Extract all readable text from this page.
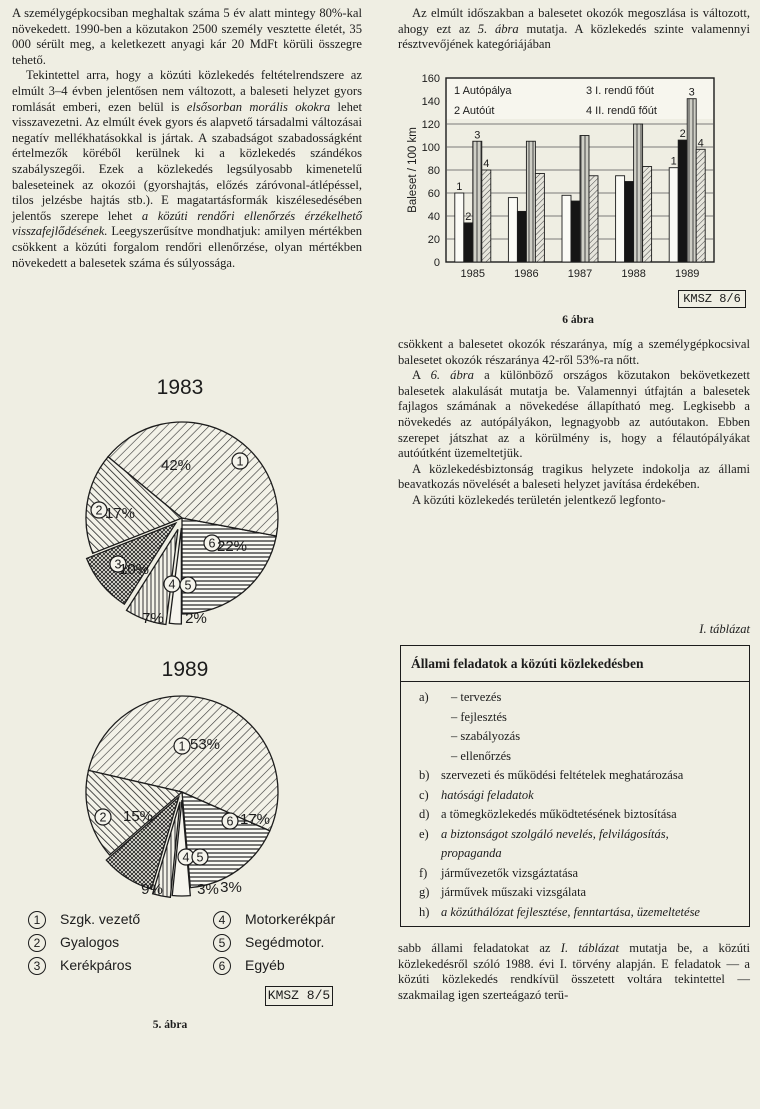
A személygépkocsiban meghaltak száma 5 év alatt mintegy 80%-kal növekedett. 1990-ben a közutakon 2500 személy vesztette életét, 35 000 sérült meg, a keletkezett anyagi kár 20 MdFt körüli összegre tehető.

Tekintettel arra, hogy a közúti közlekedés feltételrendszere az elmúlt 3–4 évben jelentősen nem változott, a baleseti helyzet gyors romlását emberi, ezen belül is elsősorban morális okokra lehet visszavezetni. Az elmúlt évek gyors és alapvető társadalmi változásai negatív mellékhatásokkal is jártak. A szabadságot szabadosságként értelmezők köréből kerülnek ki a közlekedés szándékos szabályszegői. Ezek a közlekedés legsúlyosabb kimenetelű baleseteinek az okozói (gyorshajtás, előzés záróvonal-átlépéssel, tilos jelzésbe hajtás stb.). E magatartásformák kiszélesedésében jelentős szerepe lehet a közúti rendőri ellenőrzés érzékelhető visszafejlődésének. Leegyszerűsítve mondhatjuk: amilyen mértékben csökkent a közúti forgalom rendőri ellenőrzése, olyan mértékben növekedett a balesetek száma és súlyossága.

1983
1
2
3
4 5
6
1989
1
2
4 5
6
1 Szgk. vezető
2 Gyalogos
3 Kerékpáros
4 Motorkerékpár
5 Segédmotor.
6 Egyéb
KMSZ 8/5
5. ábra

Az elmúlt időszakban a balesetet okozók megoszlása is változott, ahogy ezt az 5. ábra mutatja. A közlekedés szinte valamennyi résztvevőjének kategóriájában

0
20
40
60
80
100
120
140
160
Baleset / 100 km
1 Autópálya
2 Autóút
3 I. rendű főút
4 II. rendű főút
1
2
3
4
1985	1986	1987	1988
1
2
3
4
1989
KMSZ 8/6
6 ábra

csökkent a balesetet okozók részaránya, míg a személygépkocsival balesetet okozók részaránya 42-ről 53%-ra nőtt.

A 6. ábra a különböző országos közutakon bekövetkezett balesetek alakulását mutatja be. Valamennyi útfajtán a balesetek fajlagos számának a növekedése állapítható meg. Legkisebb a növekedés az autópályákon, legnagyobb az autóutakon. Ebben szerepet játszhat az a körülmény is, hogy a félautópályákat autóútként üzemeltetjük.

A közlekedésbiztonság tragikus helyzete indokolja az állami beavatkozás növelését a baleseti helyzet javítása érdekében.

A közúti közlekedés területén jelentkező legfonto-

I. táblázat
Állami feladatok a közúti közlekedésben
a) – tervezés
– fejlesztés
– szabályozás
– ellenőrzés
b) szervezeti és működési feltételek meghatározása
c) hatósági feladatok
d) a tömegközlekedés működtetésének biztosítása
e) a biztonságot szolgáló nevelés, felvilágosítás,
propaganda
f) járművezetők vizsgáztatása
g) járművek műszaki vizsgálata
h) a közúthálózat fejlesztése, fenntartása, üzemeltetése

sabb állami feladatokat az I. táblázat mutatja be, a közúti közlekedésről szóló 1988. évi I. törvény alapján. E feladatok — a közúti közlekedés rendkívül összetett voltára tekintettel — szakmailag igen szerteágazó terü-

42%
17%
10%
7%	2%
22%
53%
15%
9%	3% 3%
17%
